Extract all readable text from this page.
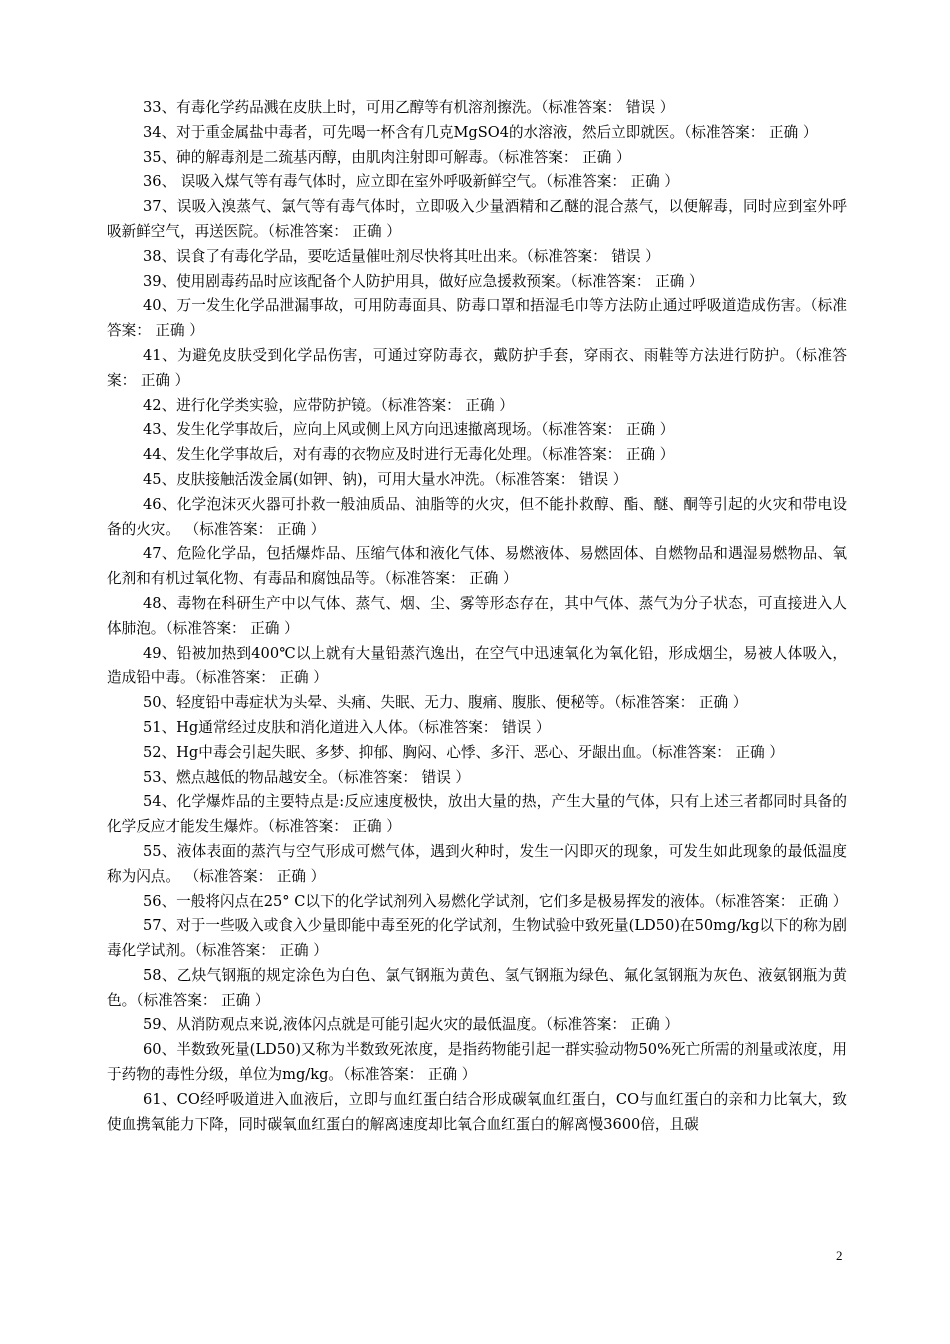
33、有毒化学药品溅在皮肤上时，可用乙醇等有机溶剂擦洗。（标准答案： 错误 ）

34、对于重金属盐中毒者，可先喝一杯含有几克MgSO4的水溶液，然后立即就医。（标准答案： 正确 ）

35、砷的解毒剂是二巯基丙醇，由肌肉注射即可解毒。（标准答案： 正确 ）

36、 误吸入煤气等有毒气体时，应立即在室外呼吸新鲜空气。（标准答案： 正确 ）

37、误吸入溴蒸气、氯气等有毒气体时，立即吸入少量酒精和乙醚的混合蒸气，以便解毒，同时应到室外呼吸新鲜空气，再送医院。（标准答案： 正确 ）

38、误食了有毒化学品，要吃适量催吐剂尽快将其吐出来。（标准答案： 错误 ）

39、使用剧毒药品时应该配备个人防护用具，做好应急援救预案。（标准答案： 正确 ）

40、万一发生化学品泄漏事故，可用防毒面具、防毒口罩和捂湿毛巾等方法防止通过呼吸道造成伤害。（标准答案： 正确 ）

41、为避免皮肤受到化学品伤害，可通过穿防毒衣，戴防护手套，穿雨衣、雨鞋等方法进行防护。（标准答案： 正确 ）

42、进行化学类实验，应带防护镜。（标准答案： 正确 ）

43、发生化学事故后，应向上风或侧上风方向迅速撤离现场。（标准答案： 正确 ）

44、发生化学事故后，对有毒的衣物应及时进行无毒化处理。（标准答案： 正确 ）

45、皮肤接触活泼金属(如钾、钠)，可用大量水冲洗。（标准答案： 错误 ）

46、化学泡沫灭火器可扑救一般油质品、油脂等的火灾，但不能扑救醇、酯、醚、酮等引起的火灾和带电设备的火灾。 （标准答案： 正确 ）

47、危险化学品，包括爆炸品、压缩气体和液化气体、易燃液体、易燃固体、自燃物品和遇湿易燃物品、氧化剂和有机过氧化物、有毒品和腐蚀品等。（标准答案： 正确 ）

48、毒物在科研生产中以气体、蒸气、烟、尘、雾等形态存在，其中气体、蒸气为分子状态，可直接进入人体肺泡。（标准答案： 正确 ）

49、铅被加热到400℃以上就有大量铅蒸汽逸出，在空气中迅速氧化为氧化铅，形成烟尘，易被人体吸入，造成铅中毒。（标准答案： 正确 ）

50、轻度铅中毒症状为头晕、头痛、失眠、无力、腹痛、腹胀、便秘等。（标准答案： 正确 ）

51、Hg通常经过皮肤和消化道进入人体。（标准答案： 错误 ）

52、Hg中毒会引起失眠、多梦、抑郁、胸闷、心悸、多汗、恶心、牙龈出血。（标准答案： 正确 ）

53、燃点越低的物品越安全。（标准答案： 错误 ）

54、化学爆炸品的主要特点是:反应速度极快，放出大量的热，产生大量的气体，只有上述三者都同时具备的化学反应才能发生爆炸。（标准答案： 正确 ）

55、液体表面的蒸汽与空气形成可燃气体，遇到火种时，发生一闪即灭的现象，可发生如此现象的最低温度称为闪点。 （标准答案： 正确 ）

56、一般将闪点在25° C以下的化学试剂列入易燃化学试剂，它们多是极易挥发的液体。（标准答案： 正确 ）

57、对于一些吸入或食入少量即能中毒至死的化学试剂，生物试验中致死量(LD50)在50mg/kg以下的称为剧毒化学试剂。（标准答案： 正确 ）

58、乙炔气钢瓶的规定涂色为白色、氯气钢瓶为黄色、氢气钢瓶为绿色、氟化氢钢瓶为灰色、液氨钢瓶为黄色。（标准答案： 正确 ）

59、从消防观点来说,液体闪点就是可能引起火灾的最低温度。（标准答案： 正确 ）

60、半数致死量(LD50)又称为半数致死浓度，是指药物能引起一群实验动物50%死亡所需的剂量或浓度，用于药物的毒性分级，单位为mg/kg。（标准答案： 正确 ）

61、CO经呼吸道进入血液后，立即与血红蛋白结合形成碳氧血红蛋白，CO与血红蛋白的亲和力比氧大，致使血携氧能力下降，同时碳氧血红蛋白的解离速度却比氧合血红蛋白的解离慢3600倍，且碳

2
